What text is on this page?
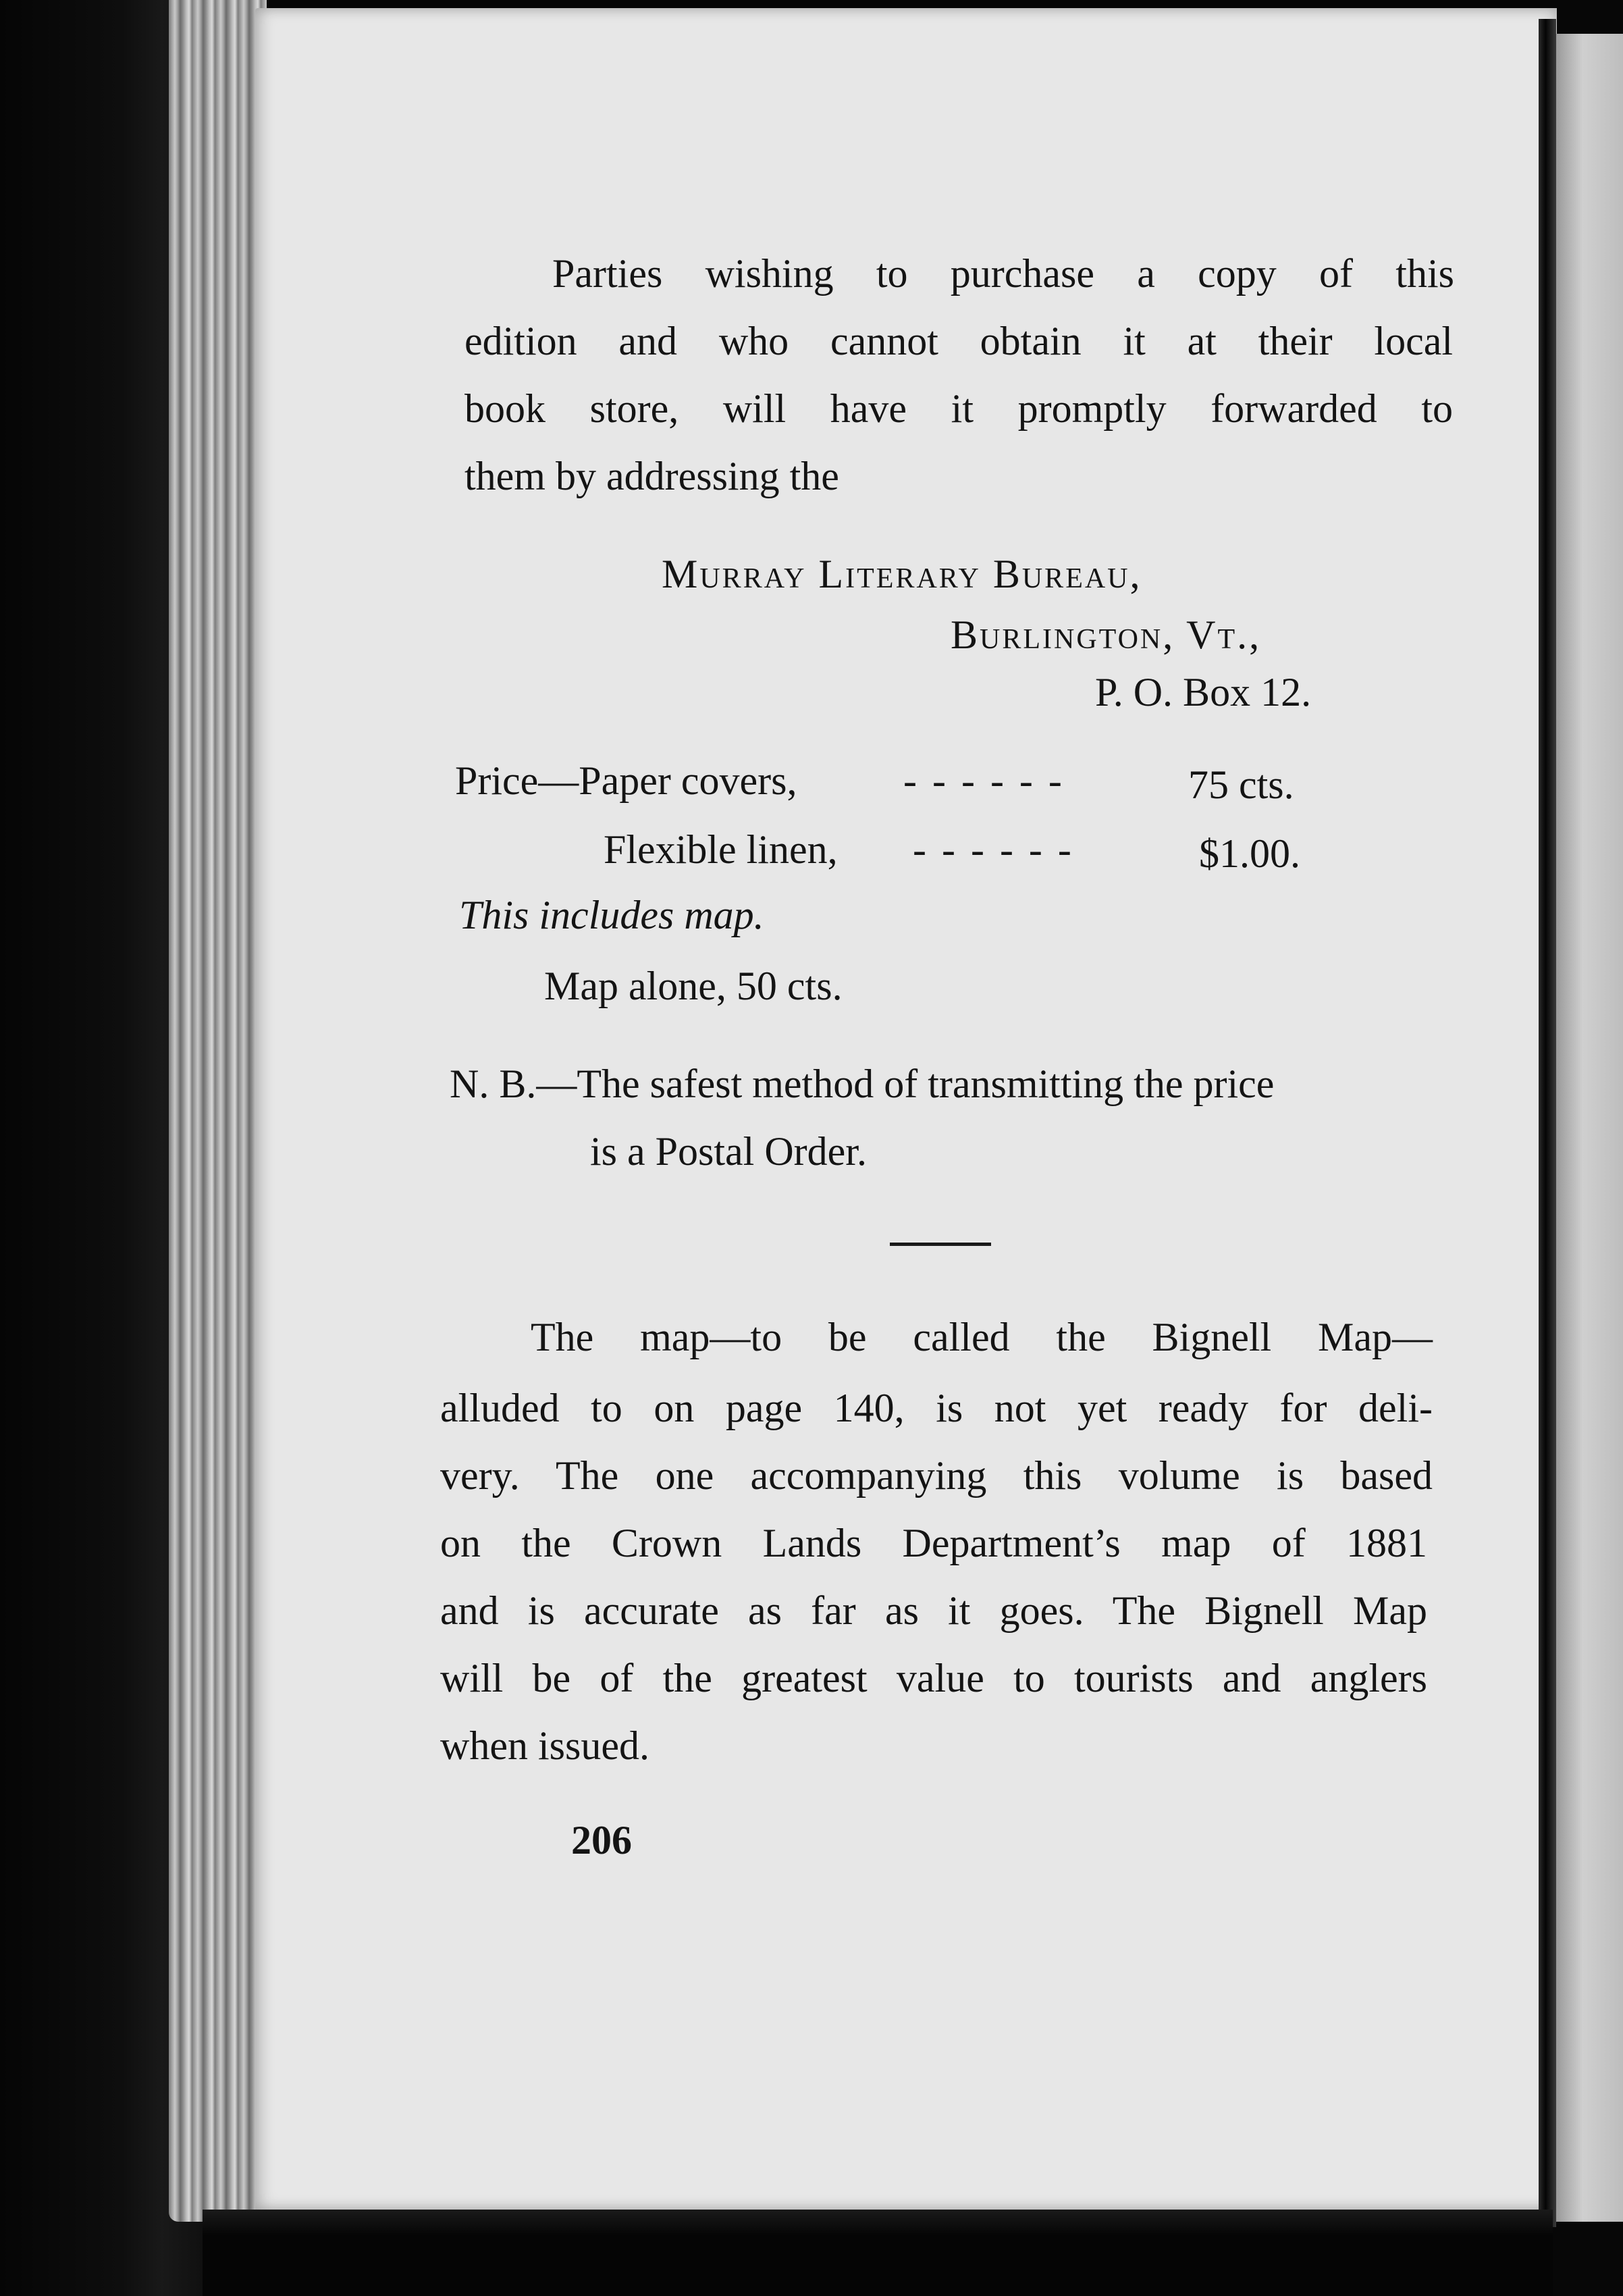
Parties wishing to purchase a copy of this

edition and who cannot obtain it at their local

book store, will have it promptly forwarded to

them by addressing the

Murray Literary Bureau,

Burlington, Vt.,

P. O. Box 12.

Price—Paper covers,	- - - - - -	75 cts.

Flexible linen, - - - - - -	$1.00.

This includes map.

Map alone, 50 cts.

N. B.—The safest method of transmitting the price

is a Postal Order.

The map—to be called the Bignell Map—

alluded to on page 140, is not yet ready for deli-

very. The one accompanying this volume is based

on the Crown Lands Department’s map of 1881

and is accurate as far as it goes. The Bignell Map

will be of the greatest value to tourists and anglers

when issued.

206
